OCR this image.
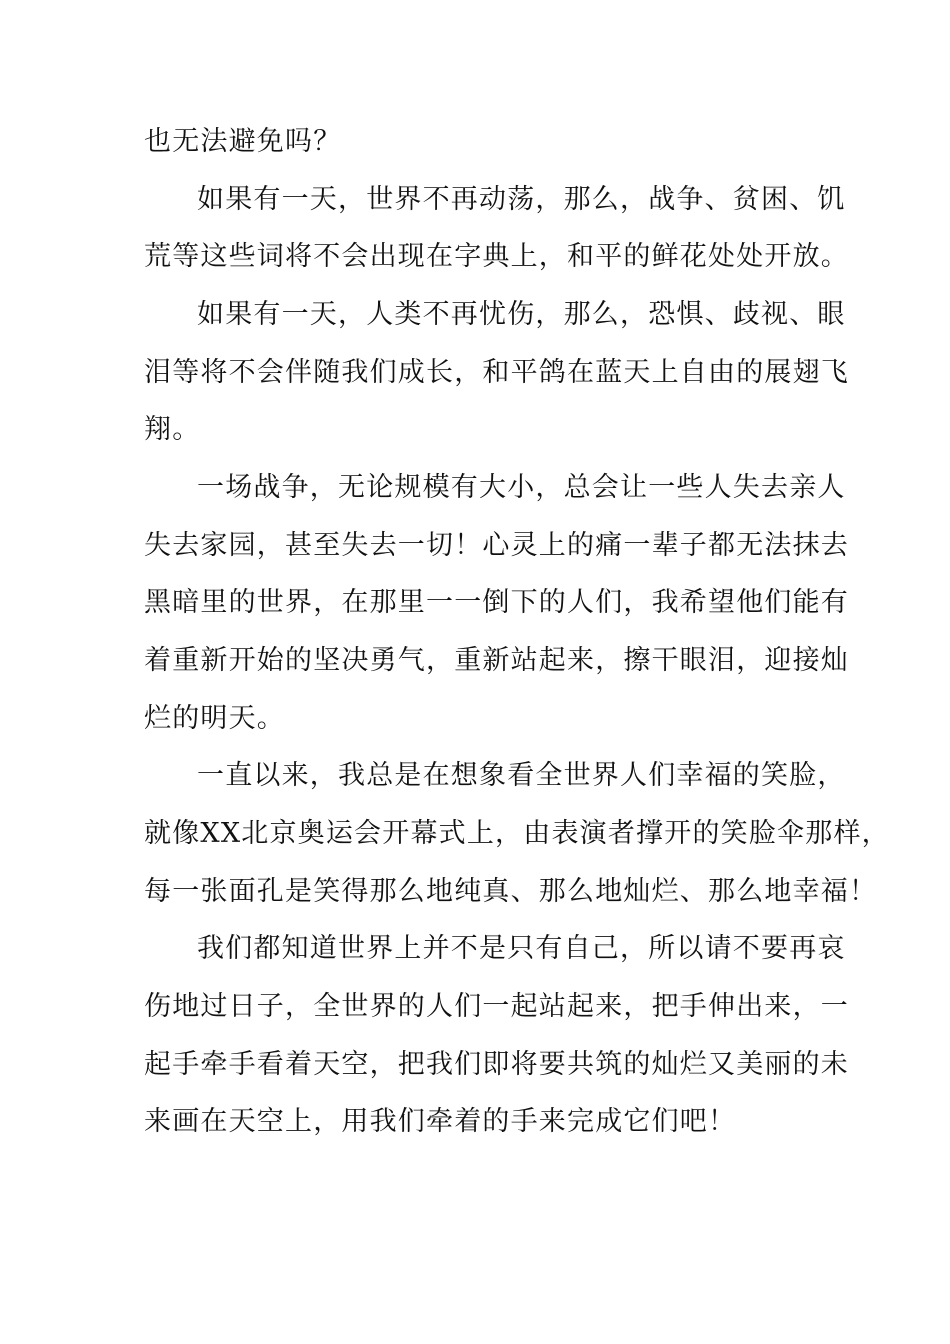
也无法避免吗？
如果有一天，世界不再动荡，那么，战争、贫困、饥
荒等这些词将不会出现在字典上，和平的鲜花处处开放。
如果有一天，人类不再忧伤，那么，恐惧、歧视、眼
泪等将不会伴随我们成长，和平鸽在蓝天上自由的展翅飞
翔。
一场战争，无论规模有大小，总会让一些人失去亲人
失去家园，甚至失去一切！心灵上的痛一辈子都无法抹去
黑暗里的世界，在那里一一倒下的人们，我希望他们能有
着重新开始的坚决勇气，重新站起来，擦干眼泪，迎接灿
烂的明天。
一直以来，我总是在想象看全世界人们幸福的笑脸，
就像XX北京奥运会开幕式上，由表演者撑开的笑脸伞那样，
每一张面孔是笑得那么地纯真、那么地灿烂、那么地幸福！
我们都知道世界上并不是只有自己，所以请不要再哀
伤地过日子，全世界的人们一起站起来，把手伸出来，一
起手牵手看着天空，把我们即将要共筑的灿烂又美丽的未
来画在天空上，用我们牵着的手来完成它们吧！
